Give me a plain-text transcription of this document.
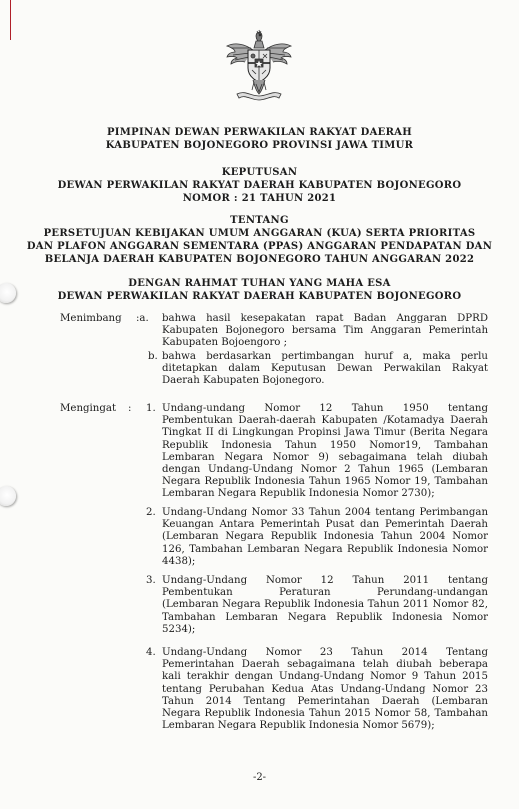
PIMPINAN DEWAN PERWAKILAN RAKYAT DAERAH
KABUPATEN BOJONEGORO PROVINSI JAWA TIMUR
KEPUTUSAN
DEWAN PERWAKILAN RAKYAT DAERAH KABUPATEN BOJONEGORO
NOMOR : 21 TAHUN 2021
TENTANG
PERSETUJUAN KEBIJAKAN UMUM ANGGARAN (KUA) SERTA PRIORITAS
DAN PLAFON ANGGARAN SEMENTARA (PPAS) ANGGARAN PENDAPATAN DAN
BELANJA DAERAH KABUPATEN BOJONEGORO TAHUN ANGGARAN 2022
DENGAN RAHMAT TUHAN YANG MAHA ESA
DEWAN PERWAKILAN RAKYAT DAERAH KABUPATEN BOJONEGORO
Menimbang :a. bahwa hasil kesepakatan rapat Badan Anggaran DPRD
Kabupaten Bojonegoro bersama Tim Anggaran Pemerintah
Kabupaten Bojoengoro ;
b. bahwa berdasarkan pertimbangan huruf a, maka perlu
ditetapkan dalam Keputusan Dewan Perwakilan Rakyat
Daerah Kabupaten Bojonegoro.
Mengingat : 1. Undang-undang Nomor 12 Tahun 1950 tentang
Pembentukan Daerah-daerah Kabupaten /Kotamadya Daerah
Tingkat II di Lingkungan Propinsi Jawa Timur (Berita Negara
Republik Indonesia Tahun 1950 Nomor19, Tambahan
Lembaran Negara Nomor 9) sebagaimana telah diubah
dengan Undang-Undang Nomor 2 Tahun 1965 (Lembaran
Negara Republik Indonesia Tahun 1965 Nomor 19, Tambahan
Lembaran Negara Republik Indonesia Nomor 2730);
2. Undang-Undang Nomor 33 Tahun 2004 tentang Perimbangan
Keuangan Antara Pemerintah Pusat dan Pemerintah Daerah
(Lembaran Negara Republik Indonesia Tahun 2004 Nomor
126, Tambahan Lembaran Negara Republik Indonesia Nomor
4438);
3. Undang-Undang Nomor 12 Tahun 2011 tentang
Pembentukan Peraturan Perundang-undangan
(Lembaran Negara Republik Indonesia Tahun 2011 Nomor 82,
Tambahan Lembaran Negara Republik Indonesia Nomor
5234);
4. Undang-Undang Nomor 23 Tahun 2014 Tentang
Pemerintahan Daerah sebagaimana telah diubah beberapa
kali terakhir dengan Undang-Undang Nomor 9 Tahun 2015
tentang Perubahan Kedua Atas Undang-Undang Nomor 23
Tahun 2014 Tentang Pemerintahan Daerah (Lembaran
Negara Republik Indonesia Tahun 2015 Nomor 58, Tambahan
Lembaran Negara Republik Indonesia Nomor 5679);
-2-
